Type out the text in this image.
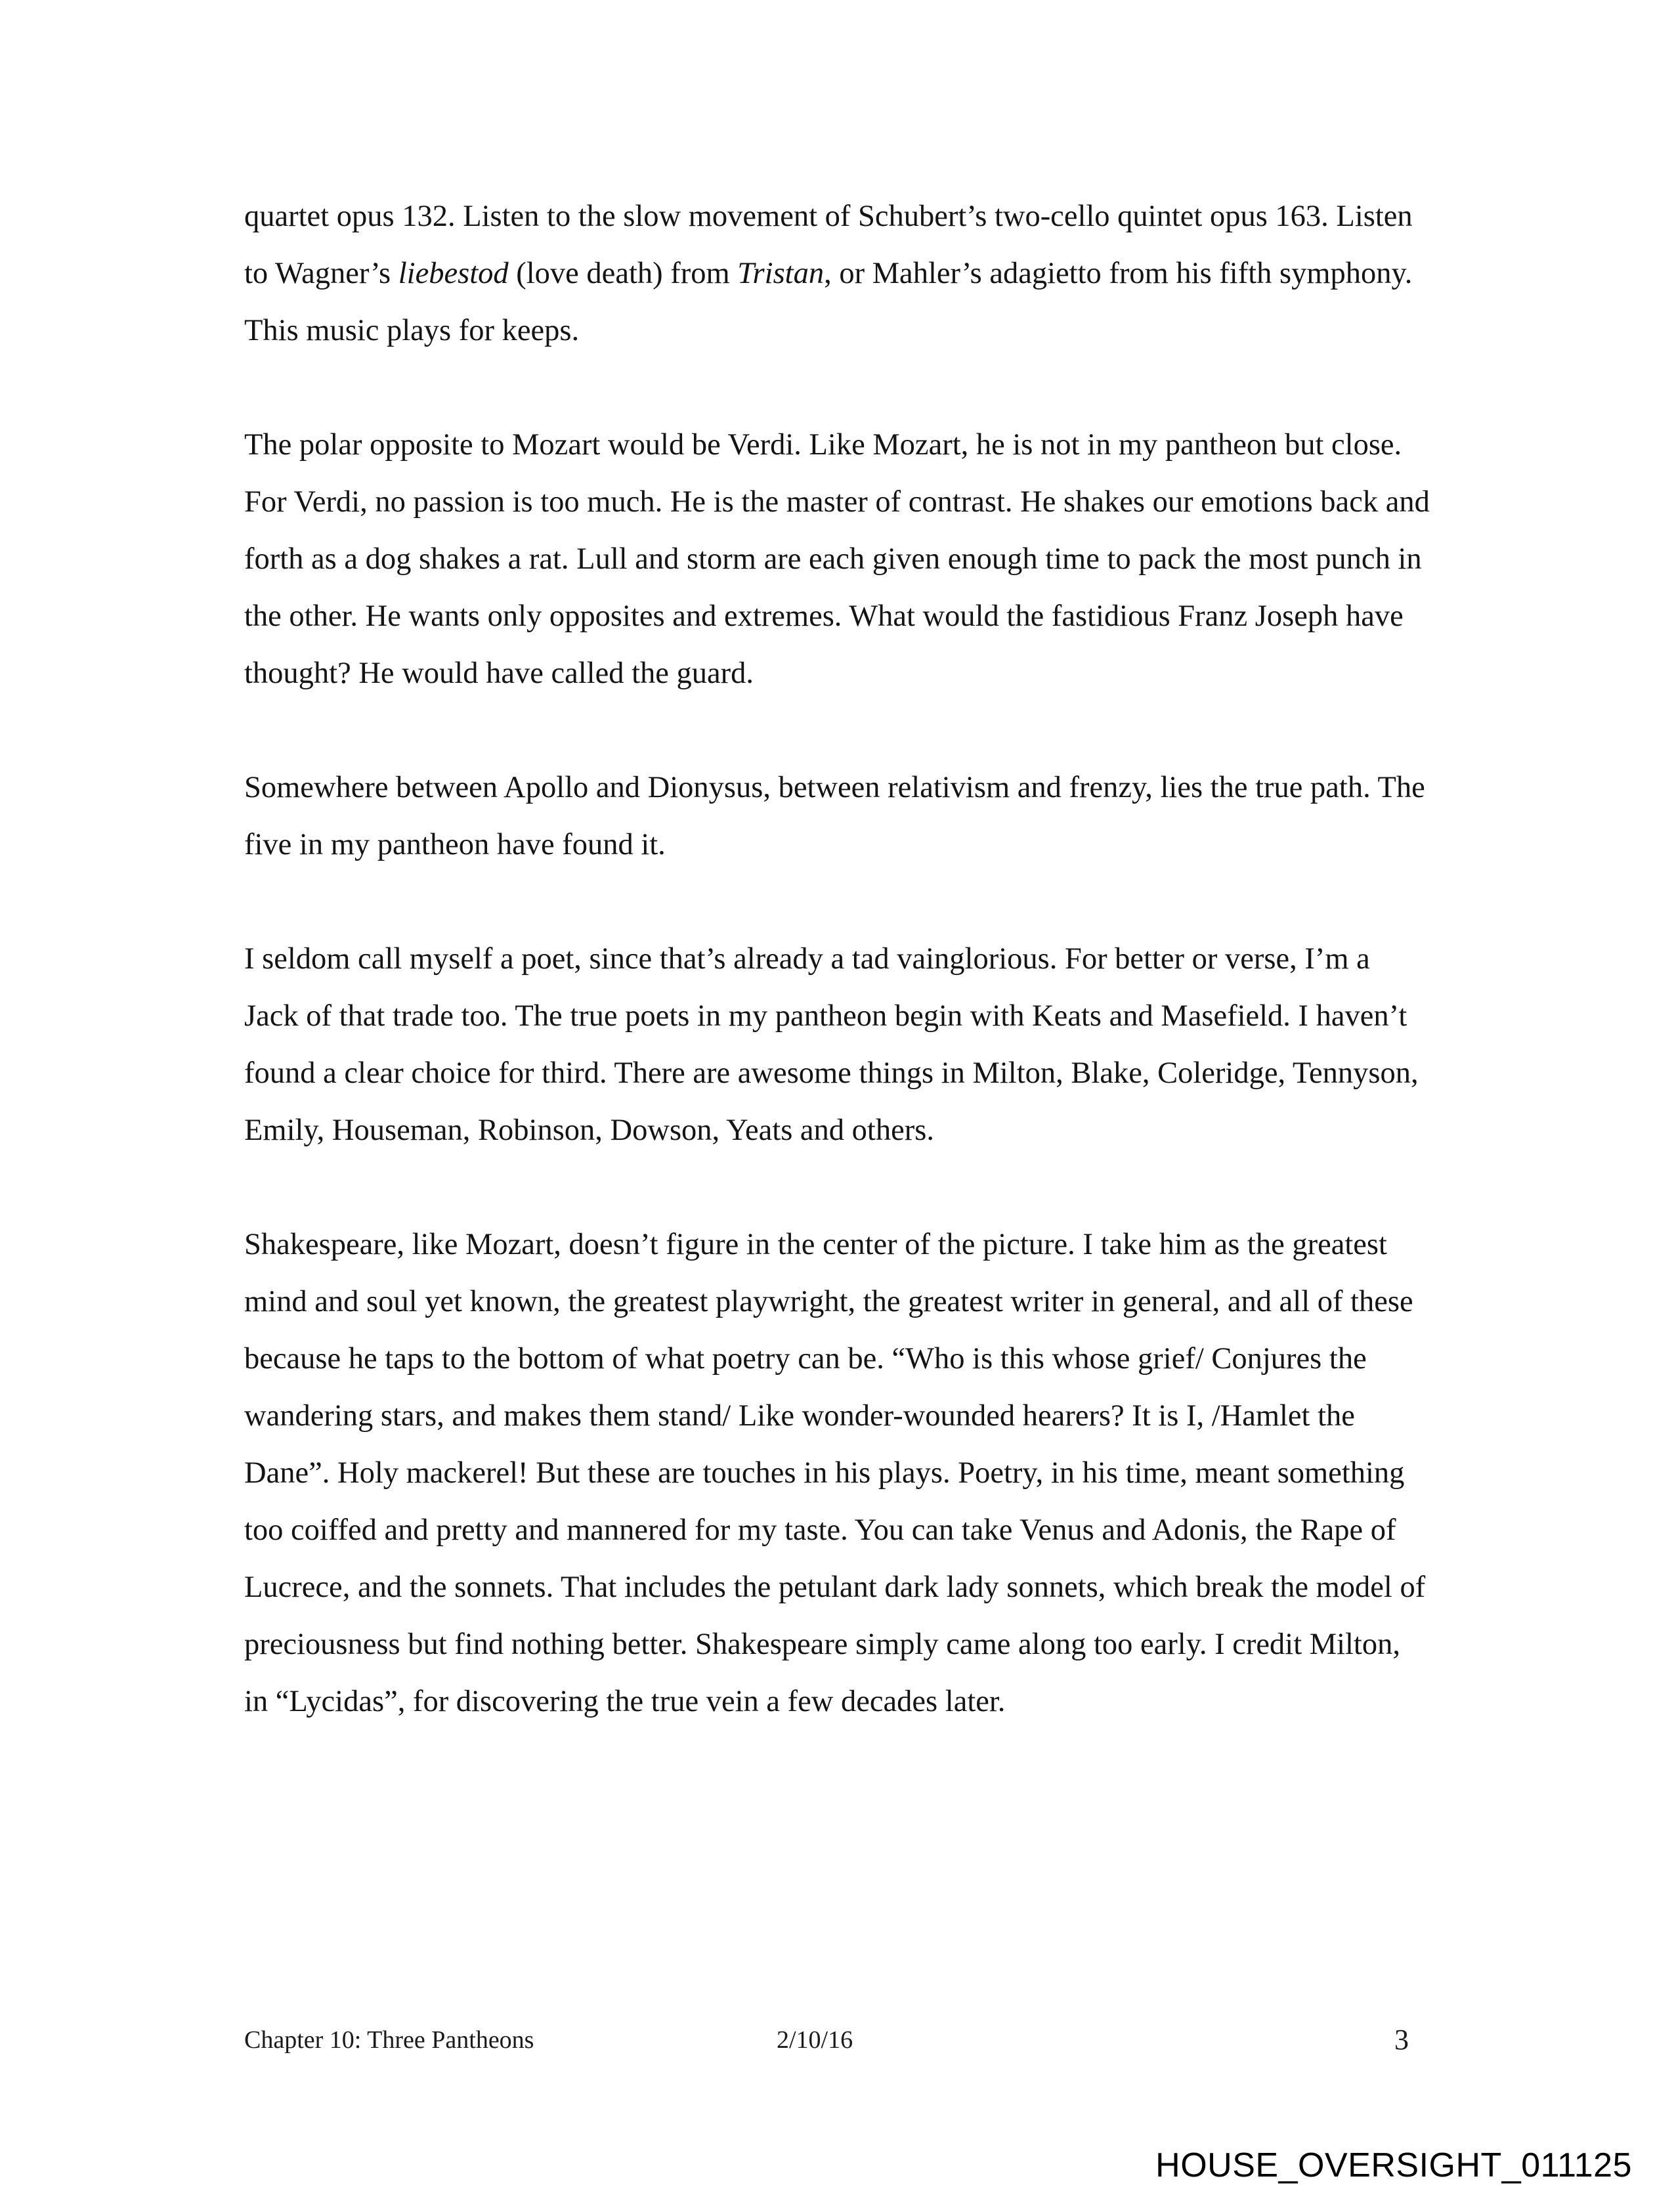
quartet opus 132. Listen to the slow movement of Schubert’s two-cello quintet opus 163. Listen to Wagner’s liebestod (love death) from Tristan, or Mahler’s adagietto from his fifth symphony. This music plays for keeps.

The polar opposite to Mozart would be Verdi. Like Mozart, he is not in my pantheon but close. For Verdi, no passion is too much. He is the master of contrast. He shakes our emotions back and forth as a dog shakes a rat. Lull and storm are each given enough time to pack the most punch in the other. He wants only opposites and extremes. What would the fastidious Franz Joseph have thought? He would have called the guard.

Somewhere between Apollo and Dionysus, between relativism and frenzy, lies the true path. The five in my pantheon have found it.

I seldom call myself a poet, since that’s already a tad vainglorious. For better or verse, I’m a Jack of that trade too. The true poets in my pantheon begin with Keats and Masefield. I haven’t found a clear choice for third. There are awesome things in Milton, Blake, Coleridge, Tennyson, Emily, Houseman, Robinson, Dowson, Yeats and others.

Shakespeare, like Mozart, doesn’t figure in the center of the picture. I take him as the greatest mind and soul yet known, the greatest playwright, the greatest writer in general, and all of these because he taps to the bottom of what poetry can be. “Who is this whose grief/ Conjures the wandering stars, and makes them stand/ Like wonder-wounded hearers? It is I, /Hamlet the Dane”. Holy mackerel! But these are touches in his plays. Poetry, in his time, meant something too coiffed and pretty and mannered for my taste. You can take Venus and Adonis, the Rape of Lucrece, and the sonnets. That includes the petulant dark lady sonnets, which break the model of preciousness but find nothing better. Shakespeare simply came along too early. I credit Milton, in “Lycidas”, for discovering the true vein a few decades later.

Chapter 10: Three Pantheons	2/10/16	3
HOUSE_OVERSIGHT_011125
